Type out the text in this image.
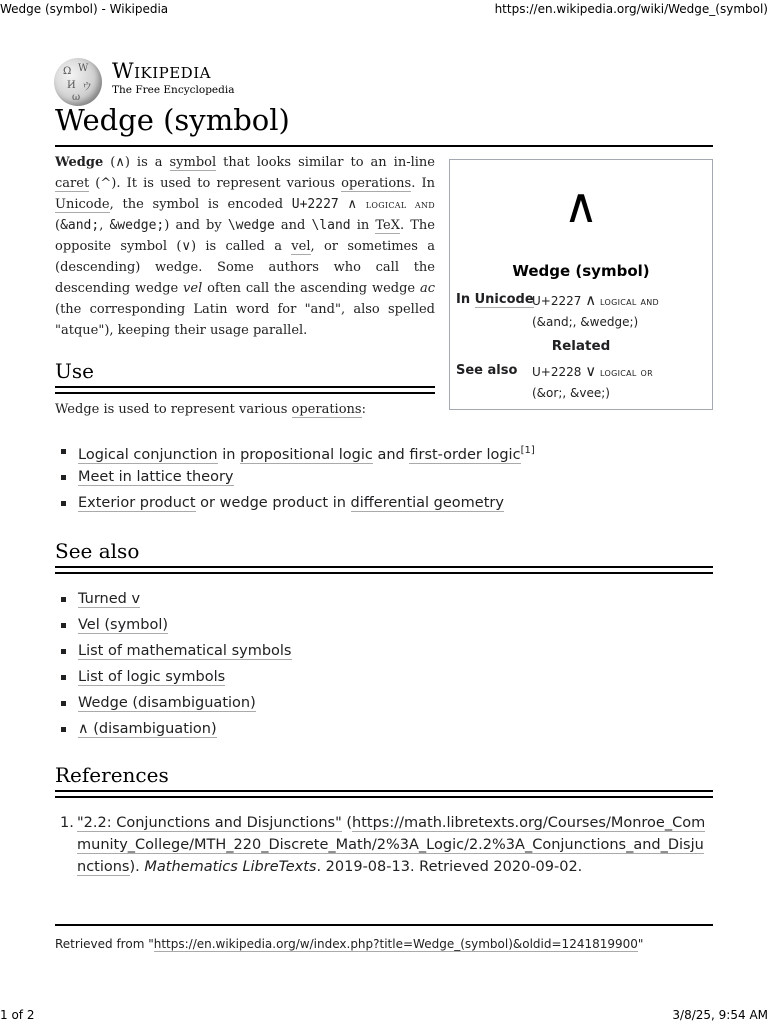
Wedge (symbol) - Wikipedia	https://en.wikipedia.org/wiki/Wedge_(symbol)
Ω W
И ウ
ω
Wikipedia
The Free Encyclopedia
Wedge (symbol)

Wedge (∧) is a symbol that looks similar to an in-line caret (^). It is used to represent various operations. In Unicode, the symbol is encoded U+2227 ∧ logical and (&and;, &wedge;) and by \wedge and \land in TeX. The opposite symbol (∨) is called a vel, or sometimes a (descending) wedge. Some authors who call the descending wedge vel often call the ascending wedge ac (the corresponding Latin word for "and", also spelled "atque"), keeping their usage parallel.

∧
Wedge (symbol)
In Unicode
U+2227 ∧ logical and
(&and;, &wedge;)
Related
See also U+2228 ∨ logical or
(&or;, &vee;)
Use
Wedge is used to represent various operations:
Logical conjunction in propositional logic and first-order logic[1]
Meet in lattice theory
Exterior product or wedge product in differential geometry
See also
Turned v
Vel (symbol)
List of mathematical symbols
List of logic symbols
Wedge (disambiguation)
∧ (disambiguation)
References
1. "2.2: Conjunctions and Disjunctions" (https://math.libretexts.org/Courses/Monroe_Community_College/MTH_220_Discrete_Math/2%3A_Logic/2.2%3A_Conjunctions_and_Disjunctions). Mathematics LibreTexts. 2019-08-13. Retrieved 2020-09-02.
Retrieved from "https://en.wikipedia.org/w/index.php?title=Wedge_(symbol)&oldid=1241819900"
1 of 2	3/8/25, 9:54 AM
